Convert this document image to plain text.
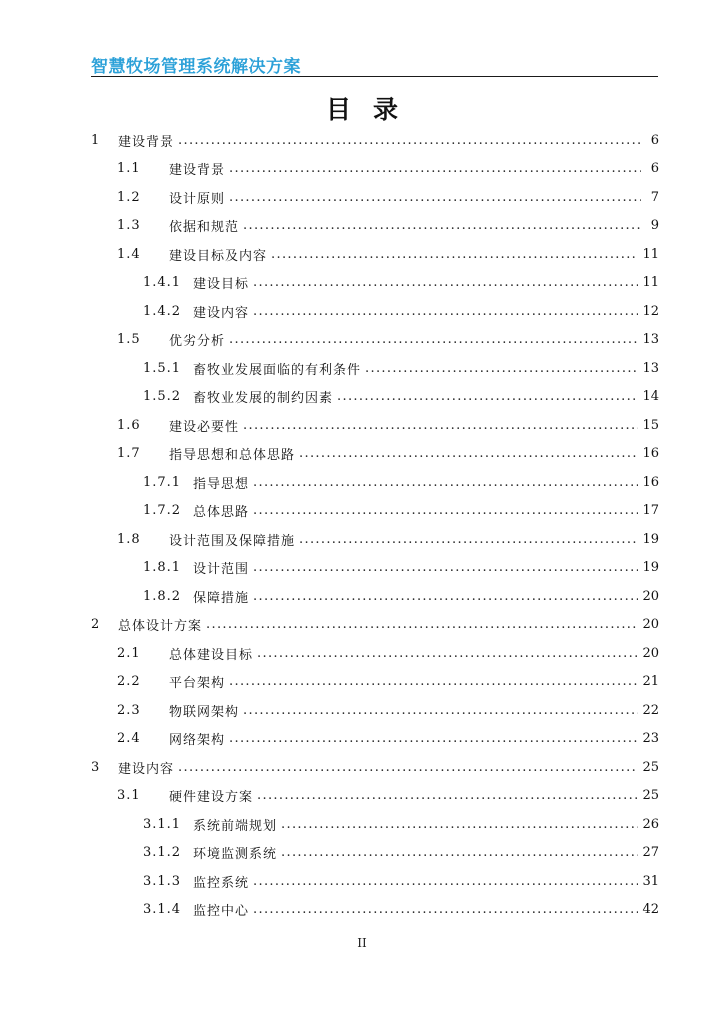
智慧牧场管理系统解决方案
目录
1	建设背景 . . .	6
1.1	建设背景 . . .	6
1.2	设计原则 . . .	7
1.3	依据和规范 . . .	9
1.4	建设目标及内容 . . .	11
1.4.1 建设目标 . . .	11
1.4.2 建设内容 . . .	12
1.5	优劣分析 . . .	13
1.5.1 畜牧业发展面临的有利条件 . . .	13
1.5.2 畜牧业发展的制约因素 . . .	14
1.6	建设必要性 . . .	15
1.7	指导思想和总体思路 . . .	16
1.7.1 指导思想 . . .	16
1.7.2 总体思路 . . .	17
1.8	设计范围及保障措施 . . .	19
1.8.1 设计范围 . . .	19
1.8.2 保障措施 . . .	20
2	总体设计方案 . . .	20
2.1	总体建设目标 . . .	20
2.2	平台架构 . . .	21
2.3	物联网架构 . . .	22
2.4	网络架构 . . .	23
3	建设内容 . . .	25
3.1	硬件建设方案 . . .	25
3.1.1 系统前端规划 . . .	26
3.1.2 环境监测系统 . . .	27
3.1.3 监控系统 . . .	31
3.1.4 监控中心 . . .	42
II
